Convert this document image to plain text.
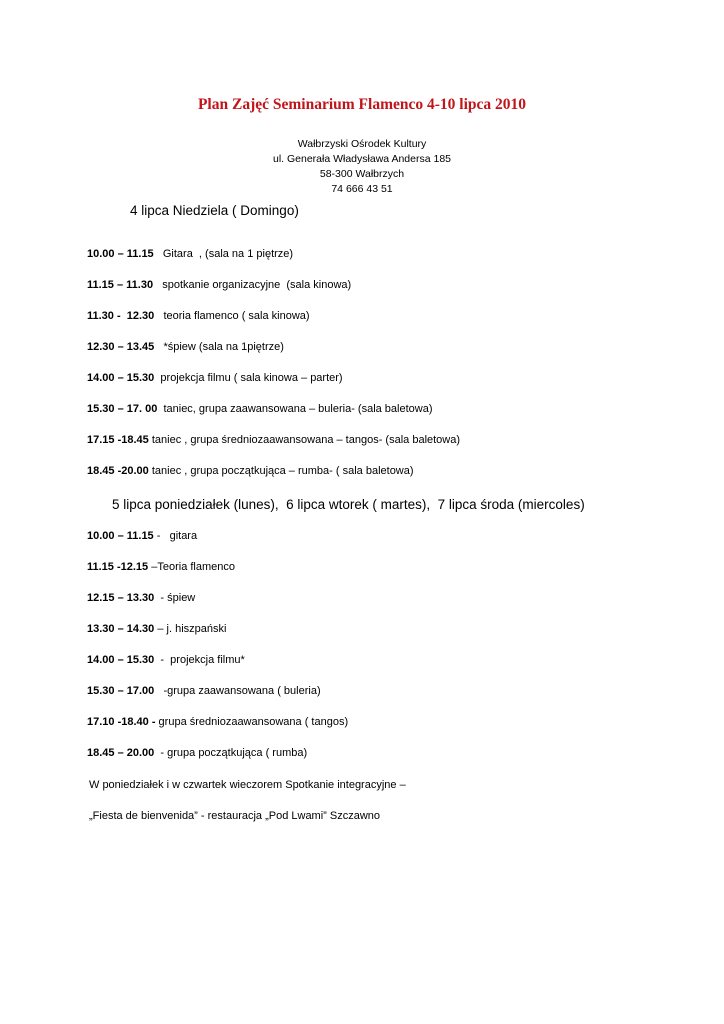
Plan Zajęć Seminarium Flamenco 4-10 lipca 2010
Wałbrzyski Ośrodek Kultury
ul. Generała Władysława Andersa 185
58-300 Wałbrzych
74 666 43 51
4 lipca Niedziela ( Domingo)
10.00 – 11.15   Gitara  , (sala na 1 piętrze)
11.15 – 11.30   spotkanie organizacyjne  (sala kinowa)
11.30 -  12.30   teoria flamenco ( sala kinowa)
12.30 – 13.45   *śpiew (sala na 1piętrze)
14.00 – 15.30  projekcja filmu ( sala kinowa – parter)
15.30 – 17. 00  taniec, grupa zaawansowana – buleria- (sala baletowa)
17.15 -18.45 taniec , grupa średniozaawansowana – tangos- (sala baletowa)
18.45 -20.00 taniec , grupa początkująca – rumba- ( sala baletowa)
5 lipca poniedziałek (lunes),  6 lipca wtorek ( martes),  7 lipca środa (miercoles)
10.00 – 11.15 -   gitara
11.15 -12.15 –Teoria flamenco
12.15 – 13.30  - śpiew
13.30 – 14.30 – j. hiszpański
14.00 – 15.30  -  projekcja filmu*
15.30 – 17.00   -grupa zaawansowana ( buleria)
17.10 -18.40 - grupa średniozaawansowana ( tangos)
18.45 – 20.00  - grupa początkująca ( rumba)
W poniedziałek i w czwartek wieczorem Spotkanie integracyjne –
„Fiesta de bienvenida” - restauracja „Pod Lwami” Szczawno
